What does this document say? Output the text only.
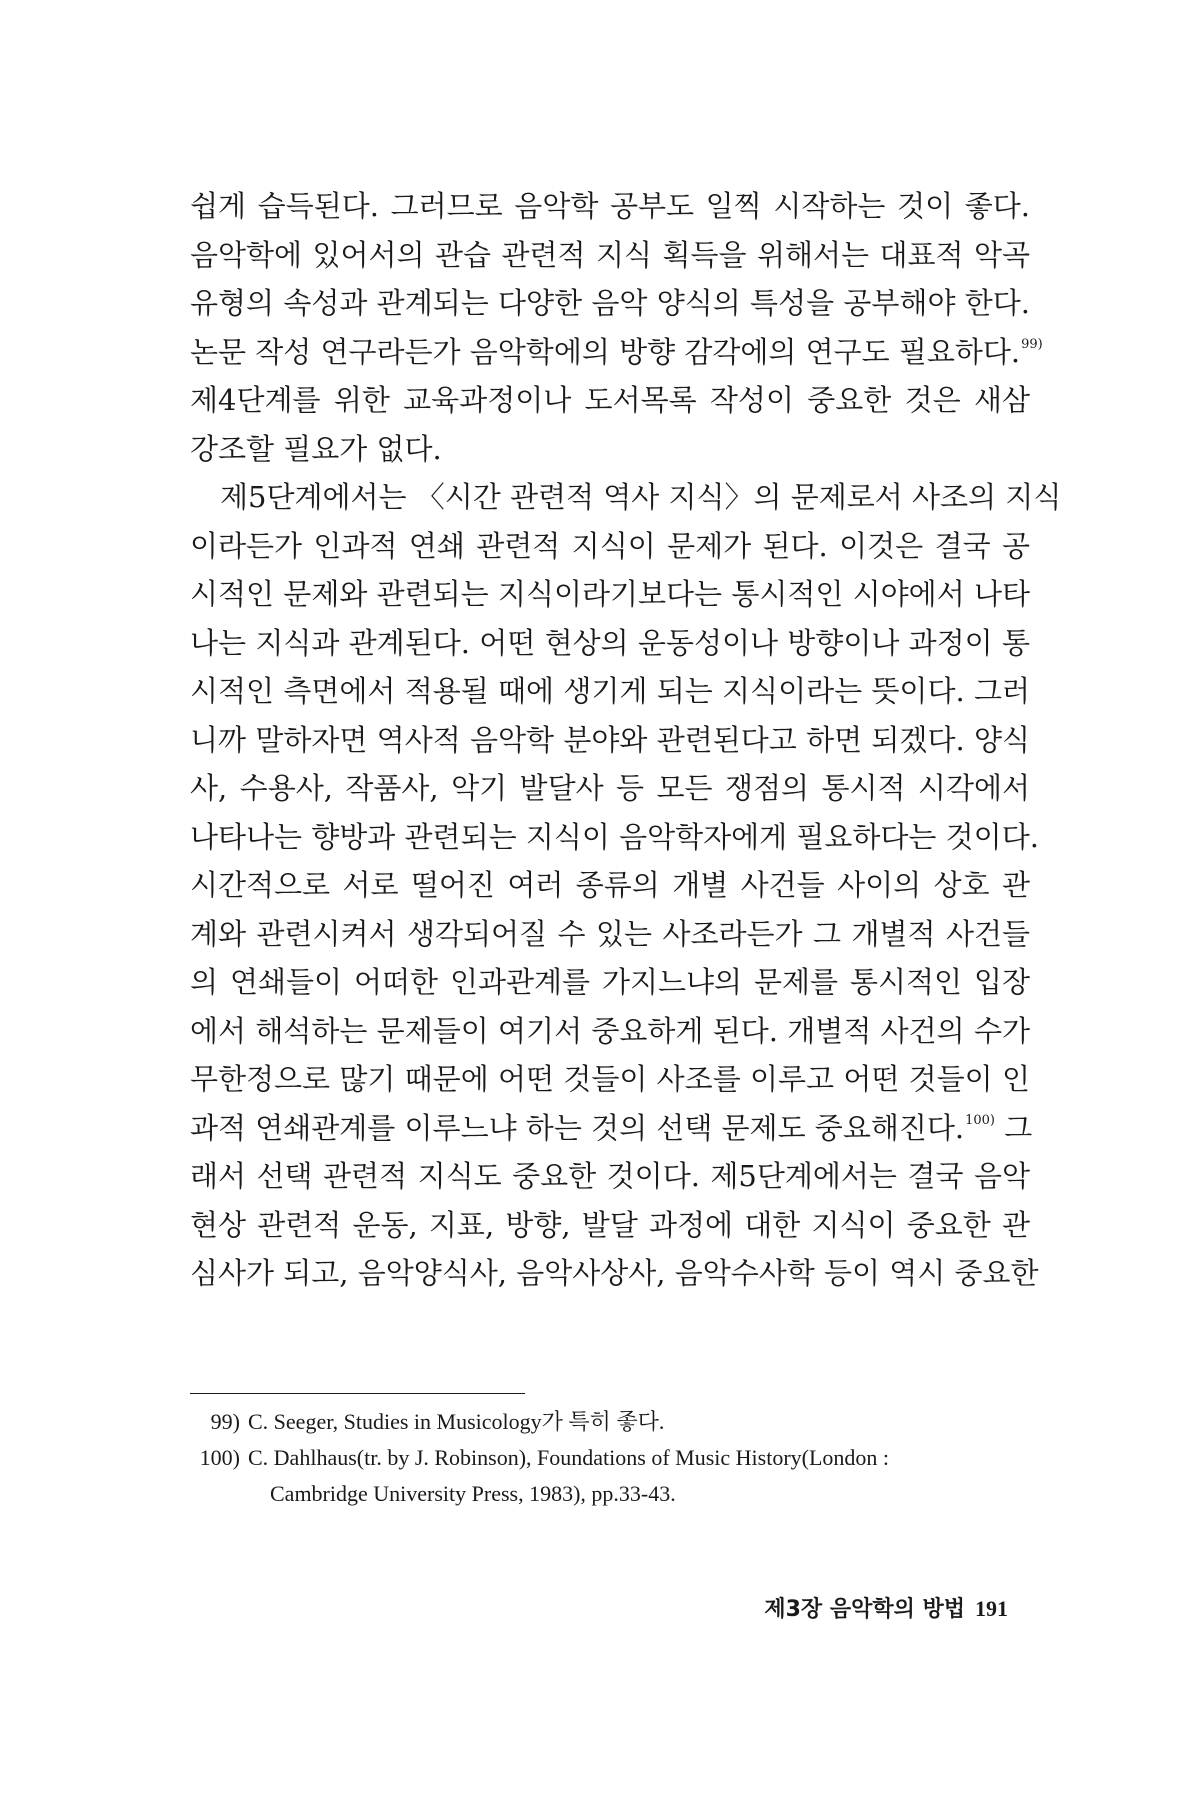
쉽게 습득된다. 그러므로 음악학 공부도 일찍 시작하는 것이 좋다.
음악학에 있어서의 관습 관련적 지식 획득을 위해서는 대표적 악곡
유형의 속성과 관계되는 다양한 음악 양식의 특성을 공부해야 한다.
논문 작성 연구라든가 음악학에의 방향 감각에의 연구도 필요하다.$^{99)}$
제4단계를 위한 교육과정이나 도서목록 작성이 중요한 것은 새삼
강조할 필요가 없다.
제5단계에서는 〈시간 관련적 역사 지식〉의 문제로서 사조의 지식
이라든가 인과적 연쇄 관련적 지식이 문제가 된다. 이것은 결국 공
시적인 문제와 관련되는 지식이라기보다는 통시적인 시야에서 나타
나는 지식과 관계된다. 어떤 현상의 운동성이나 방향이나 과정이 통
시적인 측면에서 적용될 때에 생기게 되는 지식이라는 뜻이다. 그러
니까 말하자면 역사적 음악학 분야와 관련된다고 하면 되겠다. 양식
사, 수용사, 작품사, 악기 발달사 등 모든 쟁점의 통시적 시각에서
나타나는 향방과 관련되는 지식이 음악학자에게 필요하다는 것이다.
시간적으로 서로 떨어진 여러 종류의 개별 사건들 사이의 상호 관
계와 관련시켜서 생각되어질 수 있는 사조라든가 그 개별적 사건들
의 연쇄들이 어떠한 인과관계를 가지느냐의 문제를 통시적인 입장
에서 해석하는 문제들이 여기서 중요하게 된다. 개별적 사건의 수가
무한정으로 많기 때문에 어떤 것들이 사조를 이루고 어떤 것들이 인
과적 연쇄관계를 이루느냐 하는 것의 선택 문제도 중요해진다.$^{100)}$ 그
래서 선택 관련적 지식도 중요한 것이다. 제5단계에서는 결국 음악
현상 관련적 운동, 지표, 방향, 발달 과정에 대한 지식이 중요한 관
심사가 되고, 음악양식사, 음악사상사, 음악수사학 등이 역시 중요한
99) C. Seeger, Studies in Musicology가 특히 좋다.
100) C. Dahlhaus(tr. by J. Robinson), Foundations of Music History(London :
Cambridge University Press, 1983), pp.33-43.
제3장 음악학의 방법 191
